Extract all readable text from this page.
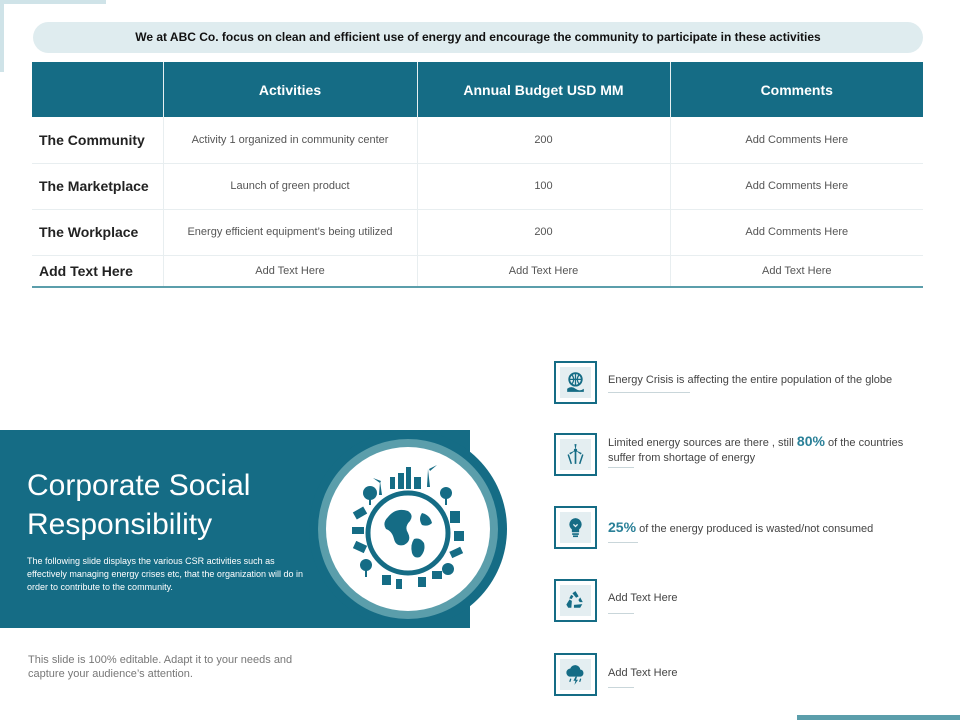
We at ABC Co. focus on clean and efficient use of energy and encourage the community to participate in these activities
	Activities	Annual Budget USD MM	Comments
The Community	Activity 1 organized in community center	200	Add Comments Here
The Marketplace	Launch of green product	100	Add Comments Here
The Workplace	Energy efficient equipment’s being utilized	200	Add Comments Here
Add Text Here	Add Text Here	Add Text Here	Add Text Here
Corporate Social
Responsibility

The following slide displays the various CSR activities such as effectively managing energy crises etc, that the organization will do in order to contribute to the community.

This slide is 100% editable. Adapt it to your needs and capture your audience’s attention.

Energy Crisis is affecting the entire population of the globe

Limited energy sources are there , still 80% of the countries suffer from shortage of energy

25% of the energy produced is wasted/not consumed

Add Text Here

Add Text Here
